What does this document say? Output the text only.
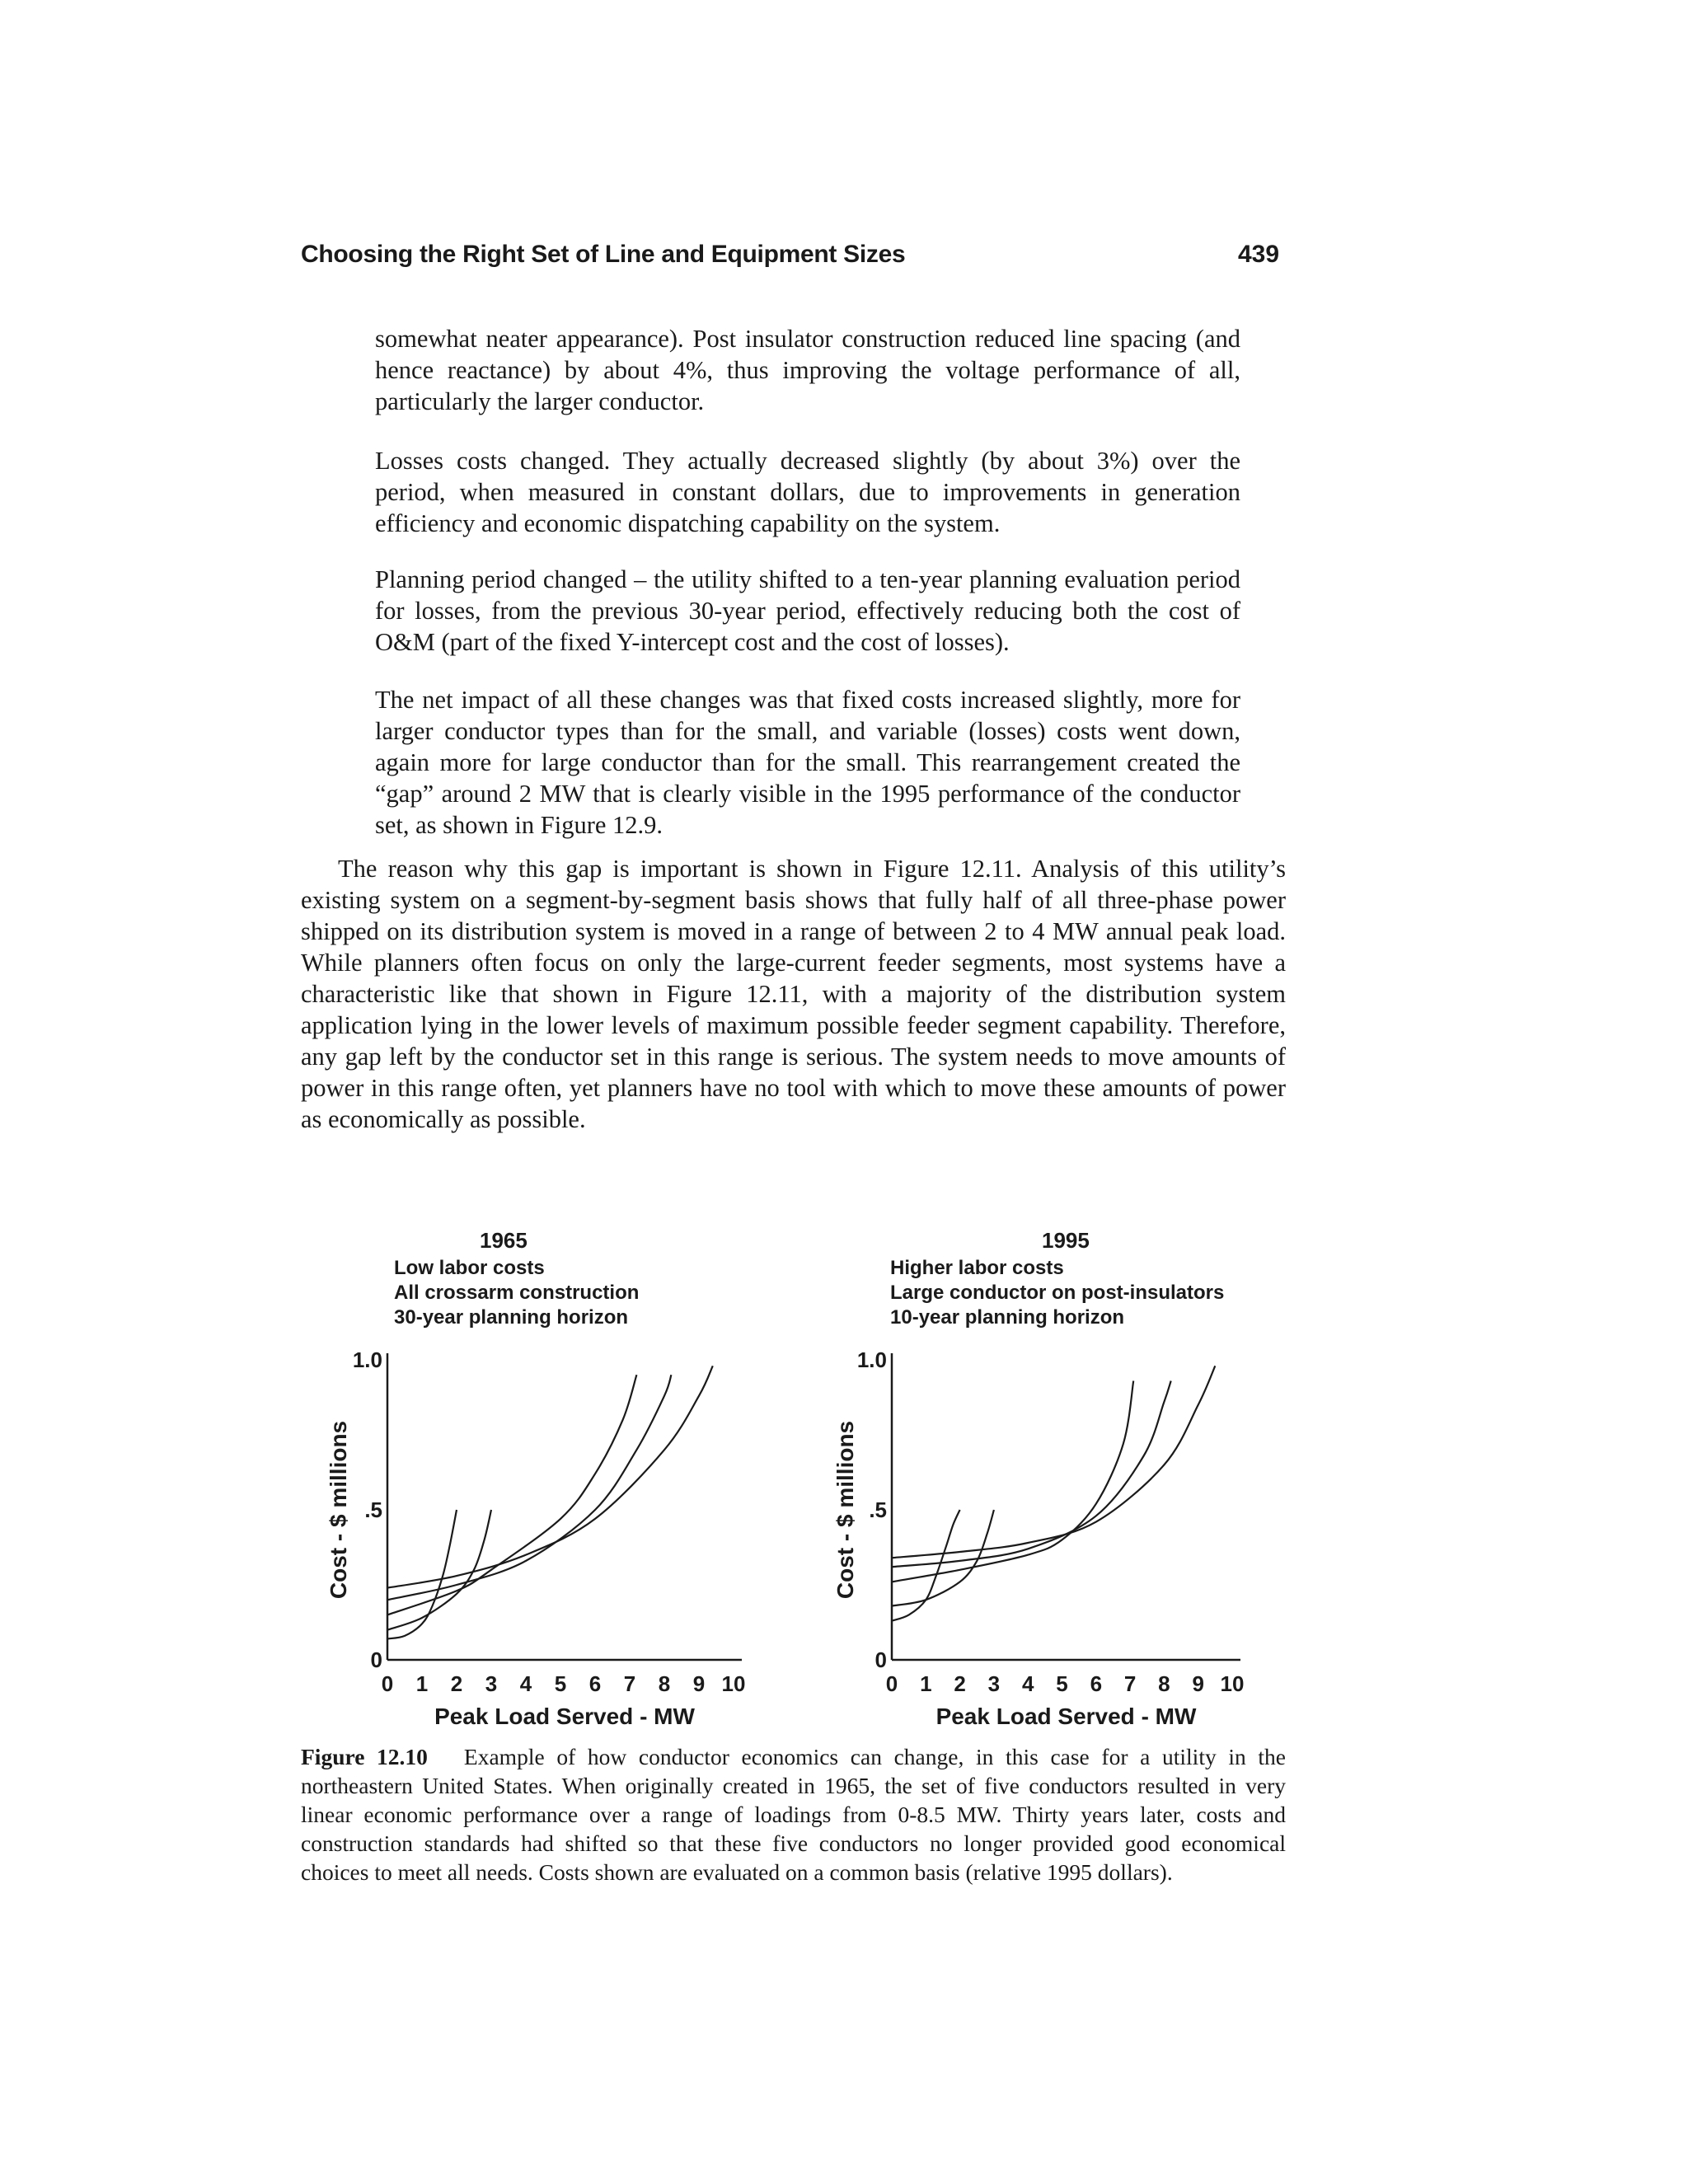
Choosing the Right Set of Line and Equipment Sizes	439

somewhat neater appearance). Post insulator construction reduced line spacing (and hence reactance) by about 4%, thus improving the voltage performance of all, particularly the larger conductor.

Losses costs changed. They actually decreased slightly (by about 3%) over the period, when measured in constant dollars, due to improvements in generation efficiency and economic dispatching capability on the system.

Planning period changed – the utility shifted to a ten-year planning evaluation period for losses, from the previous 30-year period, effectively reducing both the cost of O&M (part of the fixed Y-intercept cost and the cost of losses).

The net impact of all these changes was that fixed costs increased slightly, more for larger conductor types than for the small, and variable (losses) costs went down, again more for large conductor than for the small. This rearrangement created the “gap” around 2 MW that is clearly visible in the 1995 performance of the conductor set, as shown in Figure 12.9.

The reason why this gap is important is shown in Figure 12.11. Analysis of this utility’s existing system on a segment-by-segment basis shows that fully half of all three-phase power shipped on its distribution system is moved in a range of between 2 to 4 MW annual peak load. While planners often focus on only the large-current feeder segments, most systems have a characteristic like that shown in Figure 12.11, with a majority of the distribution system application lying in the lower levels of maximum possible feeder segment capability. Therefore, any gap left by the conductor set in this range is serious. The system needs to move amounts of power in this range often, yet planners have no tool with which to move these amounts of power as economically as possible.

1965
Low labor costs
All crossarm construction
30-year planning horizon
1995
Higher labor costs
Large conductor on post-insulators
10-year planning horizon
0 1 2 3 4 5 6 7 8 9 10
0
.5
1.0
Peak Load Served - MW
Cost - $ millions
0 1 2 3 4 5 6 7 8 9 10
0
.5
1.0
Peak Load Served - MW
Cost - $ millions

Figure 12.10 Example of how conductor economics can change, in this case for a utility in the northeastern United States. When originally created in 1965, the set of five conductors resulted in very linear economic performance over a range of loadings from 0-8.5 MW. Thirty years later, costs and construction standards had shifted so that these five conductors no longer provided good economical choices to meet all needs. Costs shown are evaluated on a common basis (relative 1995 dollars).
